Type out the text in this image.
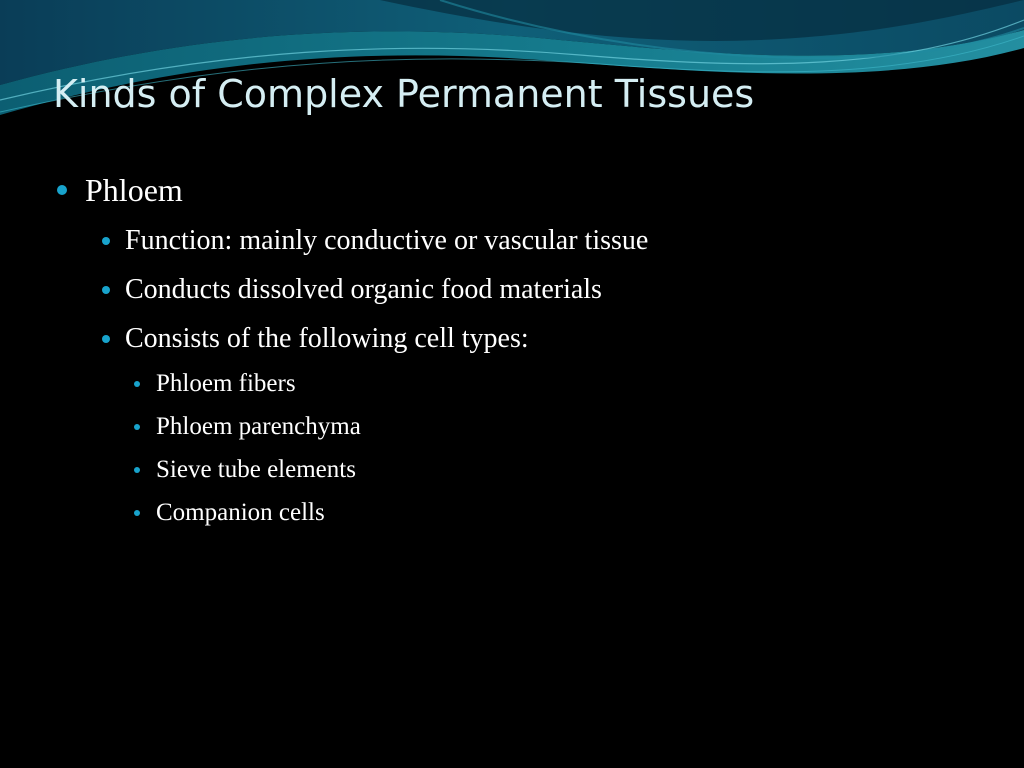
Kinds of Complex Permanent Tissues
Phloem
Function: mainly conductive or vascular tissue
Conducts dissolved organic food materials
Consists of the following cell types:
Phloem fibers
Phloem parenchyma
Sieve tube elements
Companion cells
